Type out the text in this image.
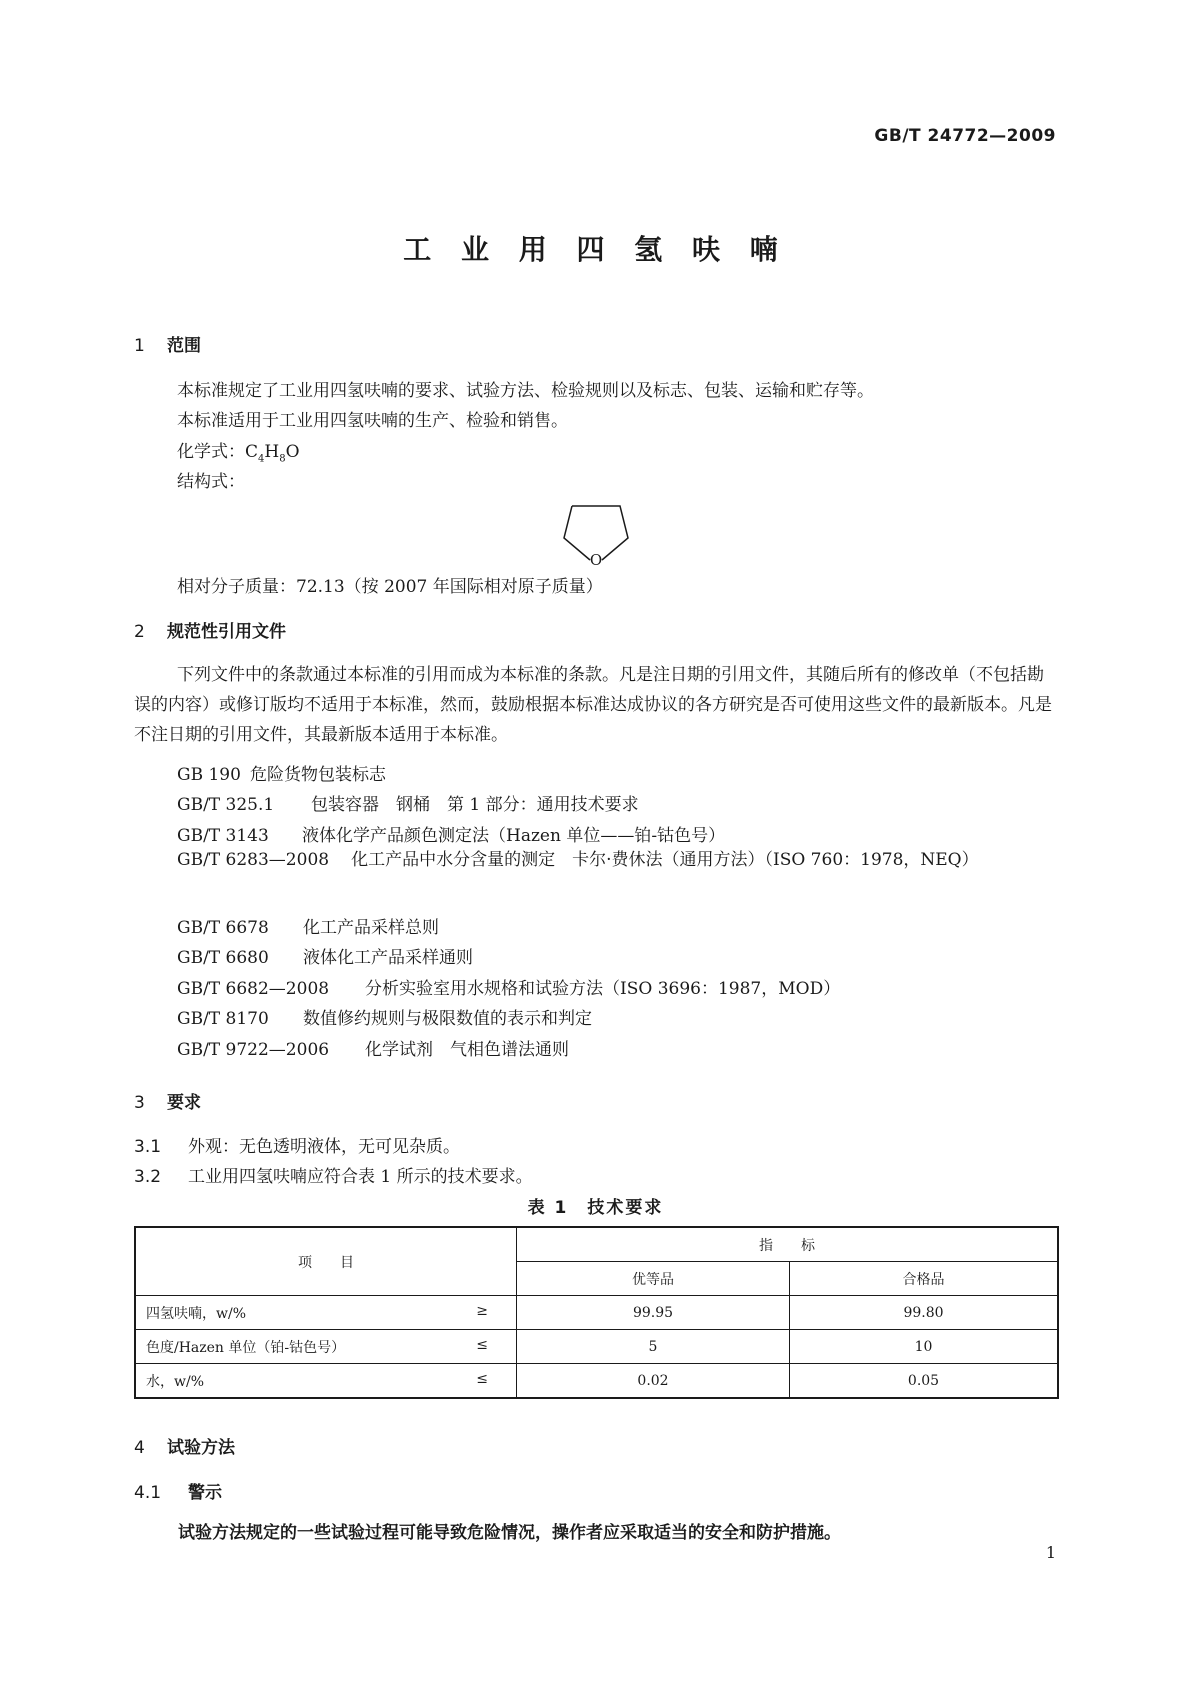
GB/T 24772—2009
工 业 用 四 氢 呋 喃
1 范围
本标准规定了工业用四氢呋喃的要求、试验方法、检验规则以及标志、包装、运输和贮存等。
本标准适用于工业用四氢呋喃的生产、检验和销售。
化学式：$C_4H_8O$
结构式：
O
相对分子质量：72.13（按 2007 年国际相对原子质量）
2 规范性引用文件
下列文件中的条款通过本标准的引用而成为本标准的条款。凡是注日期的引用文件，其随后所有的修改单（不包括勘误的内容）或修订版均不适用于本标准，然而，鼓励根据本标准达成协议的各方研究是否可使用这些文件的最新版本。凡是不注日期的引用文件，其最新版本适用于本标准。
GB 190 危险货物包装标志
GB/T 325.1 包装容器　钢桶　第 1 部分：通用技术要求
GB/T 3143 液体化学产品颜色测定法（Hazen 单位——铂-钴色号）
GB/T 6283—2008 化工产品中水分含量的测定　卡尔·费休法（通用方法）（ISO 760：1978，NEQ）
GB/T 6678 化工产品采样总则
GB/T 6680 液体化工产品采样通则
GB/T 6682—2008 分析实验室用水规格和试验方法（ISO 3696：1987，MOD）
GB/T 8170 数值修约规则与极限数值的表示和判定
GB/T 9722—2006 化学试剂　气相色谱法通则
3 要求
3.1 外观：无色透明液体，无可见杂质。
3.2 工业用四氢呋喃应符合表 1 所示的技术要求。
表 1　技术要求
项　　目	指　　标	
	优等品	合格品
四氢呋喃，w/% ≥	99.95	99.80
色度/Hazen 单位（铂-钴色号） ≤	5	10
水，w/% ≤	0.02	0.05
4 试验方法
4.1 警示
试验方法规定的一些试验过程可能导致危险情况，操作者应采取适当的安全和防护措施。
1
